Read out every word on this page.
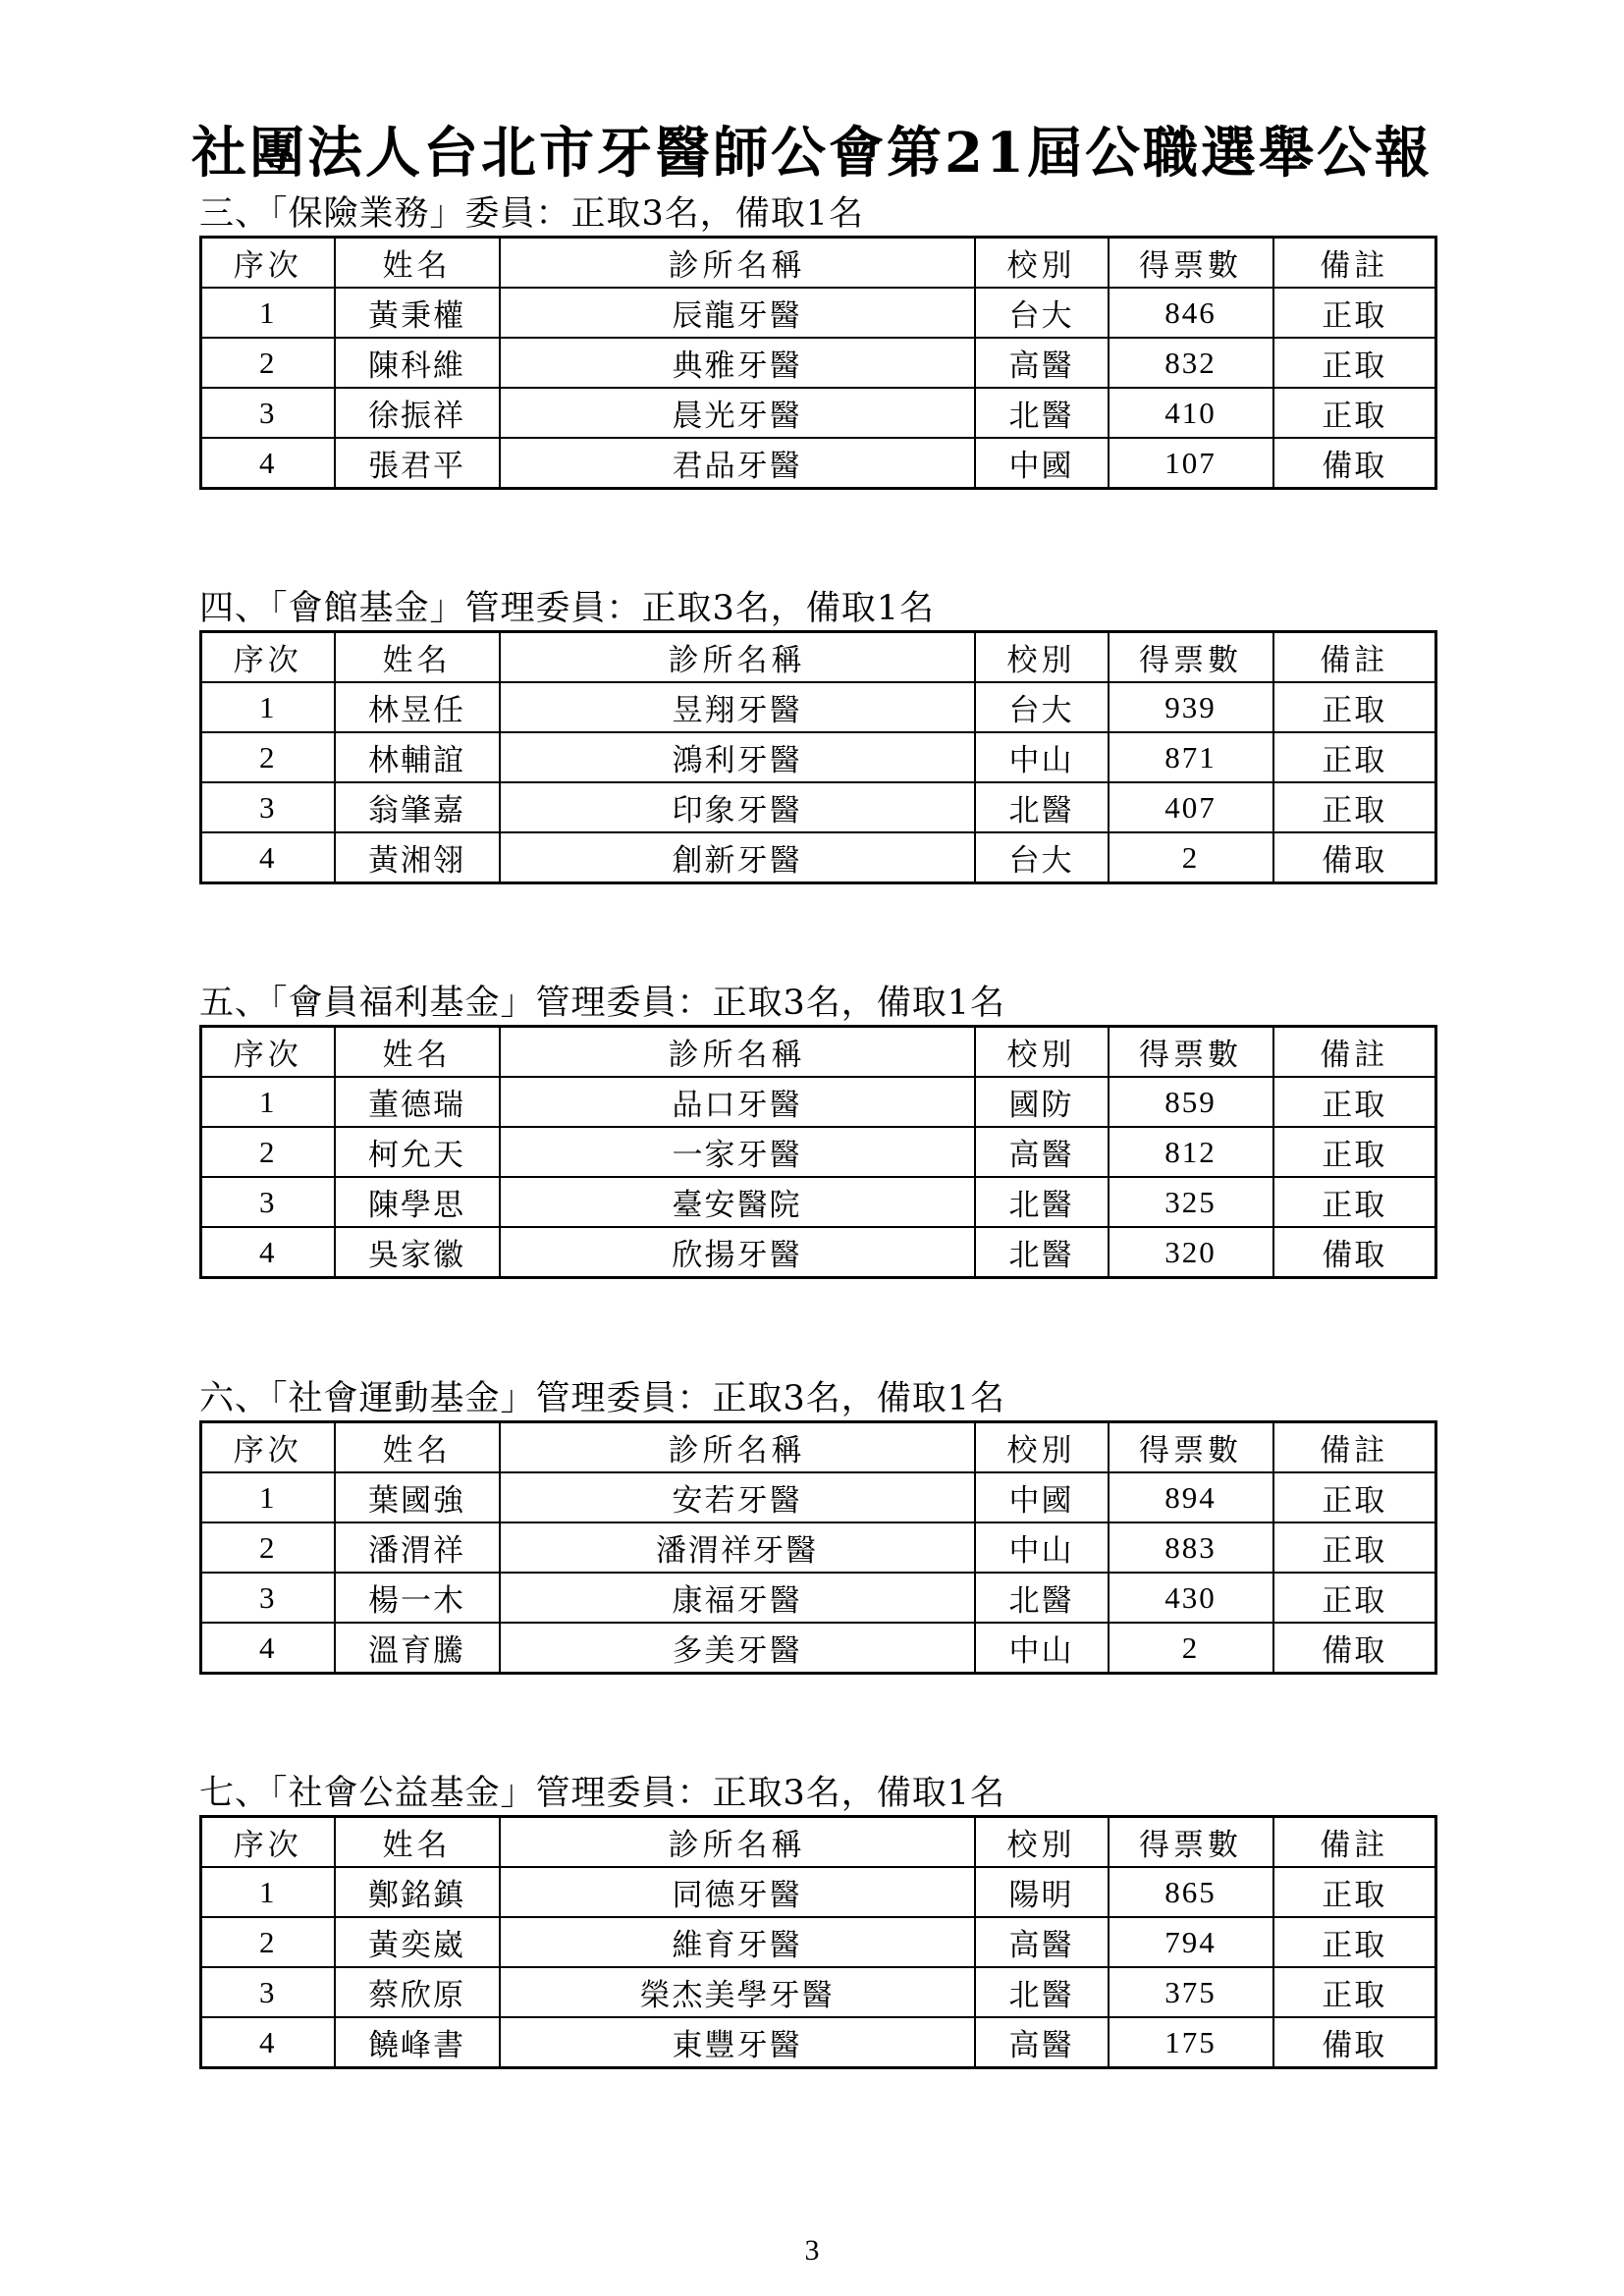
社團法人台北市牙醫師公會第21屆公職選舉公報
三、「保險業務」委員：正取3名，備取1名
序次	姓名	診所名稱	校別	得票數	備註
1	黃秉權	辰龍牙醫	台大	846	正取
2	陳科維	典雅牙醫	高醫	832	正取
3	徐振祥	晨光牙醫	北醫	410	正取
4	張君平	君品牙醫	中國	107	備取
四、「會館基金」管理委員：正取3名，備取1名
序次	姓名	診所名稱	校別	得票數	備註
1	林昱任	昱翔牙醫	台大	939	正取
2	林輔誼	鴻利牙醫	中山	871	正取
3	翁肇嘉	印象牙醫	北醫	407	正取
4	黃湘翎	創新牙醫	台大	2	備取
五、「會員福利基金」管理委員：正取3名，備取1名
序次	姓名	診所名稱	校別	得票數	備註
1	董德瑞	品口牙醫	國防	859	正取
2	柯允天	一家牙醫	高醫	812	正取
3	陳學思	臺安醫院	北醫	325	正取
4	吳家徽	欣揚牙醫	北醫	320	備取
六、「社會運動基金」管理委員：正取3名，備取1名
序次	姓名	診所名稱	校別	得票數	備註
1	葉國強	安若牙醫	中國	894	正取
2	潘渭祥	潘渭祥牙醫	中山	883	正取
3	楊一木	康福牙醫	北醫	430	正取
4	溫育騰	多美牙醫	中山	2	備取
七、「社會公益基金」管理委員：正取3名，備取1名
序次	姓名	診所名稱	校別	得票數	備註
1	鄭銘鎮	同德牙醫	陽明	865	正取
2	黃奕崴	維育牙醫	高醫	794	正取
3	蔡欣原	榮杰美學牙醫	北醫	375	正取
4	饒峰書	東豐牙醫	高醫	175	備取
3
